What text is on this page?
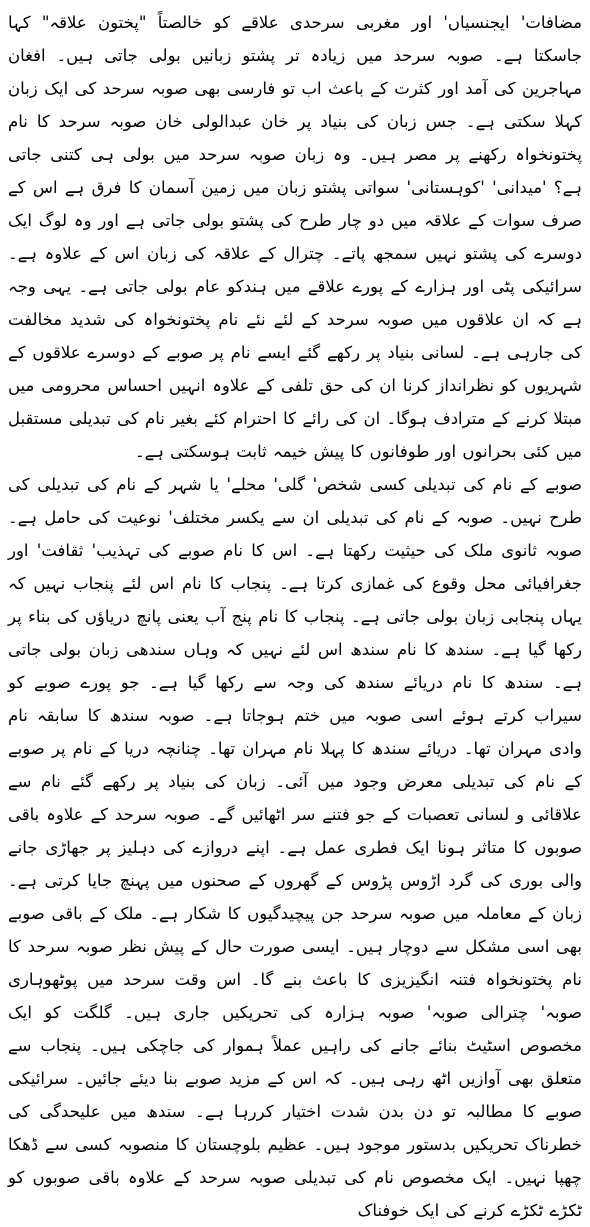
مضافات' ایجنسیاں' اور مغربی سرحدی علاقے کو خالصتاً "پختون علاقہ" کہا جاسکتا ہے۔ صوبہ سرحد میں زیادہ تر پشتو زبانیں بولی جاتی ہیں۔ افغان مہاجرین کی آمد اور کثرت کے باعث اب تو فارسی بھی صوبہ سرحد کی ایک زبان کہلا سکتی ہے۔ جس زبان کی بنیاد پر خان عبدالولی خان صوبہ سرحد کا نام پختونخواہ رکھنے پر مصر ہیں۔ وہ زبان صوبہ سرحد میں بولی ہی کتنی جاتی ہے؟ 'میدانی' 'کوہستانی' سواتی پشتو زبان میں زمین آسمان کا فرق ہے اس کے صرف سوات کے علاقہ میں دو چار طرح کی پشتو بولی جاتی ہے اور وہ لوگ ایک دوسرے کی پشتو نہیں سمجھ پاتے۔ چترال کے علاقہ کی زبان اس کے علاوہ ہے۔ سرائیکی پٹی اور ہزارے کے پورے علاقے میں ہندکو عام بولی جاتی ہے۔ یہی وجہ ہے کہ ان علاقوں میں صوبہ سرحد کے لئے نئے نام پختونخواہ کی شدید مخالفت کی جارہی ہے۔ لسانی بنیاد پر رکھے گئے ایسے نام پر صوبے کے دوسرے علاقوں کے شہریوں کو نظرانداز کرنا ان کی حق تلفی کے علاوہ انہیں احساس محرومی میں مبتلا کرنے کے مترادف ہوگا۔ ان کی رائے کا احترام کئے بغیر نام کی تبدیلی مستقبل میں کئی بحرانوں اور طوفانوں کا پیش خیمہ ثابت ہوسکتی ہے۔

صوبے کے نام کی تبدیلی کسی شخص' گلی' محلے' یا شہر کے نام کی تبدیلی کی طرح نہیں۔ صوبہ کے نام کی تبدیلی ان سے یکسر مختلف' نوعیت کی حامل ہے۔ صوبہ ثانوی ملک کی حیثیت رکھتا ہے۔ اس کا نام صوبے کی تہذیب' ثقافت' اور جغرافیائی محل وقوع کی غمازی کرتا ہے۔ پنجاب کا نام اس لئے پنجاب نہیں کہ یہاں پنجابی زبان بولی جاتی ہے۔ پنجاب کا نام پنج آب یعنی پانچ دریاؤں کی بناء پر رکھا گیا ہے۔ سندھ کا نام سندھ اس لئے نہیں کہ وہاں سندھی زبان بولی جاتی ہے۔ سندھ کا نام دریائے سندھ کی وجہ سے رکھا گیا ہے۔ جو پورے صوبے کو سیراب کرتے ہوئے اسی صوبہ میں ختم ہوجاتا ہے۔ صوبہ سندھ کا سابقہ نام وادی مہران تھا۔ دریائے سندھ کا پہلا نام مہران تھا۔ چنانچہ دریا کے نام پر صوبے کے نام کی تبدیلی معرض وجود میں آئی۔ زبان کی بنیاد پر رکھے گئے نام سے علاقائی و لسانی تعصبات کے جو فتنے سر اٹھائیں گے۔ صوبہ سرحد کے علاوہ باقی صوبوں کا متاثر ہونا ایک فطری عمل ہے۔ اپنے دروازے کی دہلیز پر جھاڑی جانے والی بوری کی گرد اڑوس پڑوس کے گھروں کے صحنوں میں پہنچ جایا کرتی ہے۔ زبان کے معاملہ میں صوبہ سرحد جن پیچیدگیوں کا شکار ہے۔ ملک کے باقی صوبے بھی اسی مشکل سے دوچار ہیں۔ ایسی صورت حال کے پیش نظر صوبہ سرحد کا نام پختونخواہ فتنہ انگیزیزی کا باعث بنے گا۔ اس وقت سرحد میں پوٹھوہاری صوبہ' چترالی صوبہ' صوبہ ہزارہ کی تحریکیں جاری ہیں۔ گلگت کو ایک مخصوص اسٹیٹ بنائے جانے کی راہیں عملاً ہموار کی جاچکی ہیں۔ پنجاب سے متعلق بھی آوازیں اٹھ رہی ہیں۔ کہ اس کے مزید صوبے بنا دیئے جائیں۔ سرائیکی صوبے کا مطالبہ تو دن بدن شدت اختیار کررہا ہے۔ سندھ میں علیحدگی کی خطرناک تحریکیں بدستور موجود ہیں۔ عظیم بلوچستان کا منصوبہ کسی سے ڈھکا چھپا نہیں۔ ایک مخصوص نام کی تبدیلی صوبہ سرحد کے علاوہ باقی صوبوں کو ٹکڑے ٹکڑے کرنے کی ایک خوفناک
